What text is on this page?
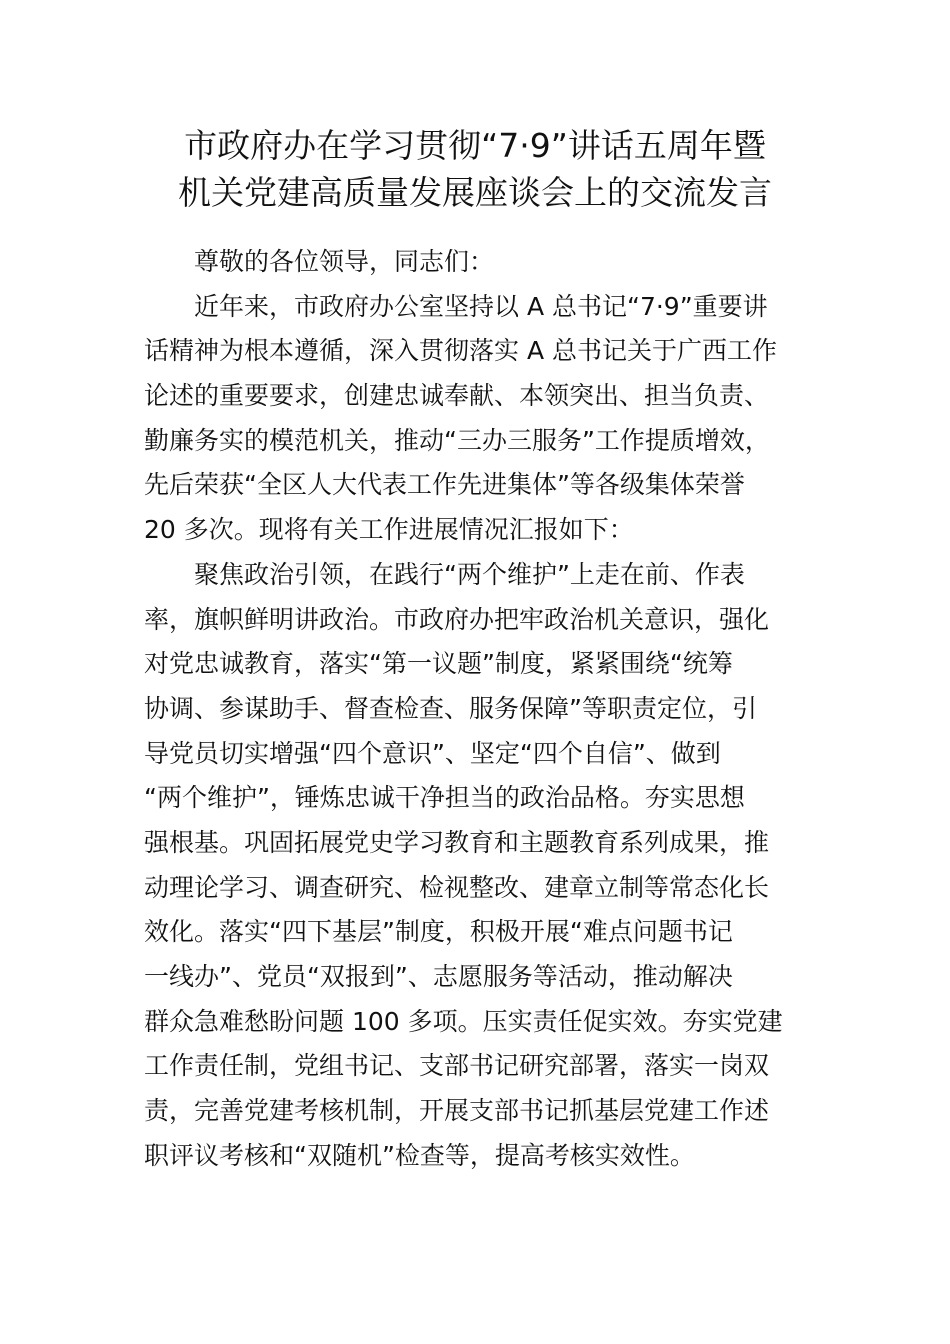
市政府办在学习贯彻“7·9”讲话五周年暨
机关党建高质量发展座谈会上的交流发言

尊敬的各位领导，同志们：

近年来，市政府办公室坚持以 A 总书记“7·9”重要讲
话精神为根本遵循，深入贯彻落实 A 总书记关于广西工作
论述的重要要求，创建忠诚奉献、本领突出、担当负责、
勤廉务实的模范机关，推动“三办三服务”工作提质增效，
先后荣获“全区人大代表工作先进集体”等各级集体荣誉
20 多次。现将有关工作进展情况汇报如下：

聚焦政治引领，在践行“两个维护”上走在前、作表
率，旗帜鲜明讲政治。市政府办把牢政治机关意识，强化
对党忠诚教育，落实“第一议题”制度，紧紧围绕“统筹
协调、参谋助手、督查检查、服务保障”等职责定位，引
导党员切实增强“四个意识”、坚定“四个自信”、做到
“两个维护”，锤炼忠诚干净担当的政治品格。夯实思想
强根基。巩固拓展党史学习教育和主题教育系列成果，推
动理论学习、调查研究、检视整改、建章立制等常态化长
效化。落实“四下基层”制度，积极开展“难点问题书记
一线办”、党员“双报到”、志愿服务等活动，推动解决
群众急难愁盼问题 100 多项。压实责任促实效。夯实党建
工作责任制，党组书记、支部书记研究部署，落实一岗双
责，完善党建考核机制，开展支部书记抓基层党建工作述
职评议考核和“双随机”检查等，提高考核实效性。
